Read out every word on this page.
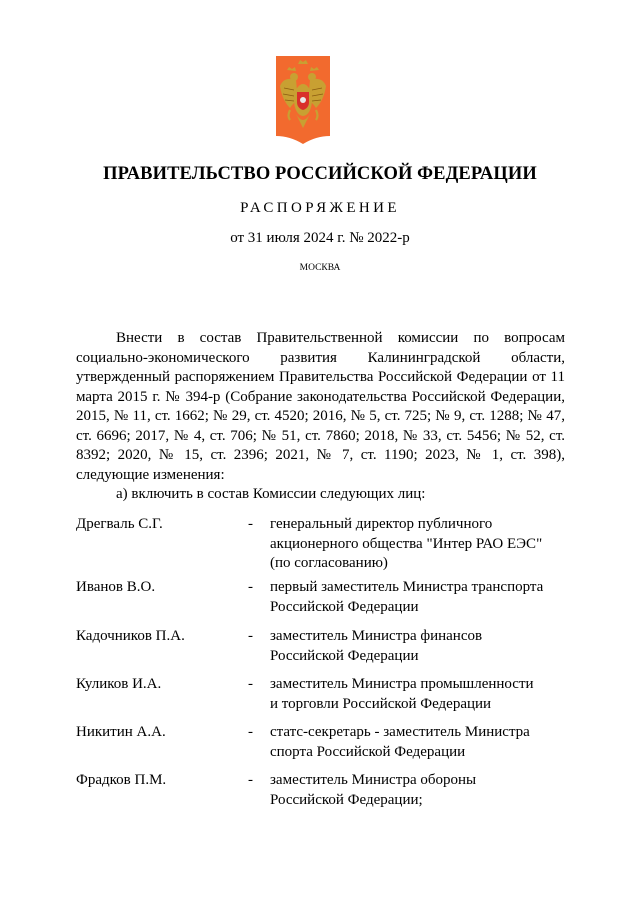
ПРАВИТЕЛЬСТВО РОССИЙСКОЙ ФЕДЕРАЦИИ
РАСПОРЯЖЕНИЕ
от 31 июля 2024 г. № 2022-р
МОСКВА

Внести в состав Правительственной комиссии по вопросам социально-экономического развития Калининградской области, утвержденный распоряжением Правительства Российской Федерации от 11 марта 2015 г. № 394-р (Собрание законодательства Российской Федерации, 2015, № 11, ст. 1662; № 29, ст. 4520; 2016, № 5, ст. 725; № 9, ст. 1288; № 47, ст. 6696; 2017, № 4, ст. 706; № 51, ст. 7860; 2018, № 33, ст. 5456; № 52, ст. 8392; 2020, № 15, ст. 2396; 2021, № 7, ст. 1190; 2023, № 1, ст. 398), следующие изменения:

а) включить в состав Комиссии следующих лиц:

Дрегваль С.Г.	- генеральный директор публичного
акционерного общества "Интер РАО ЕЭС"
(по согласованию)
Иванов В.О.	- первый заместитель Министра транспорта
Российской Федерации
Кадочников П.А.	- заместитель Министра финансов
Российской Федерации
Куликов И.А.	- заместитель Министра промышленности
и торговли Российской Федерации
Никитин А.А.	- статс-секретарь - заместитель Министра
спорта Российской Федерации
Фрадков П.М.	- заместитель Министра обороны
Российской Федерации;
